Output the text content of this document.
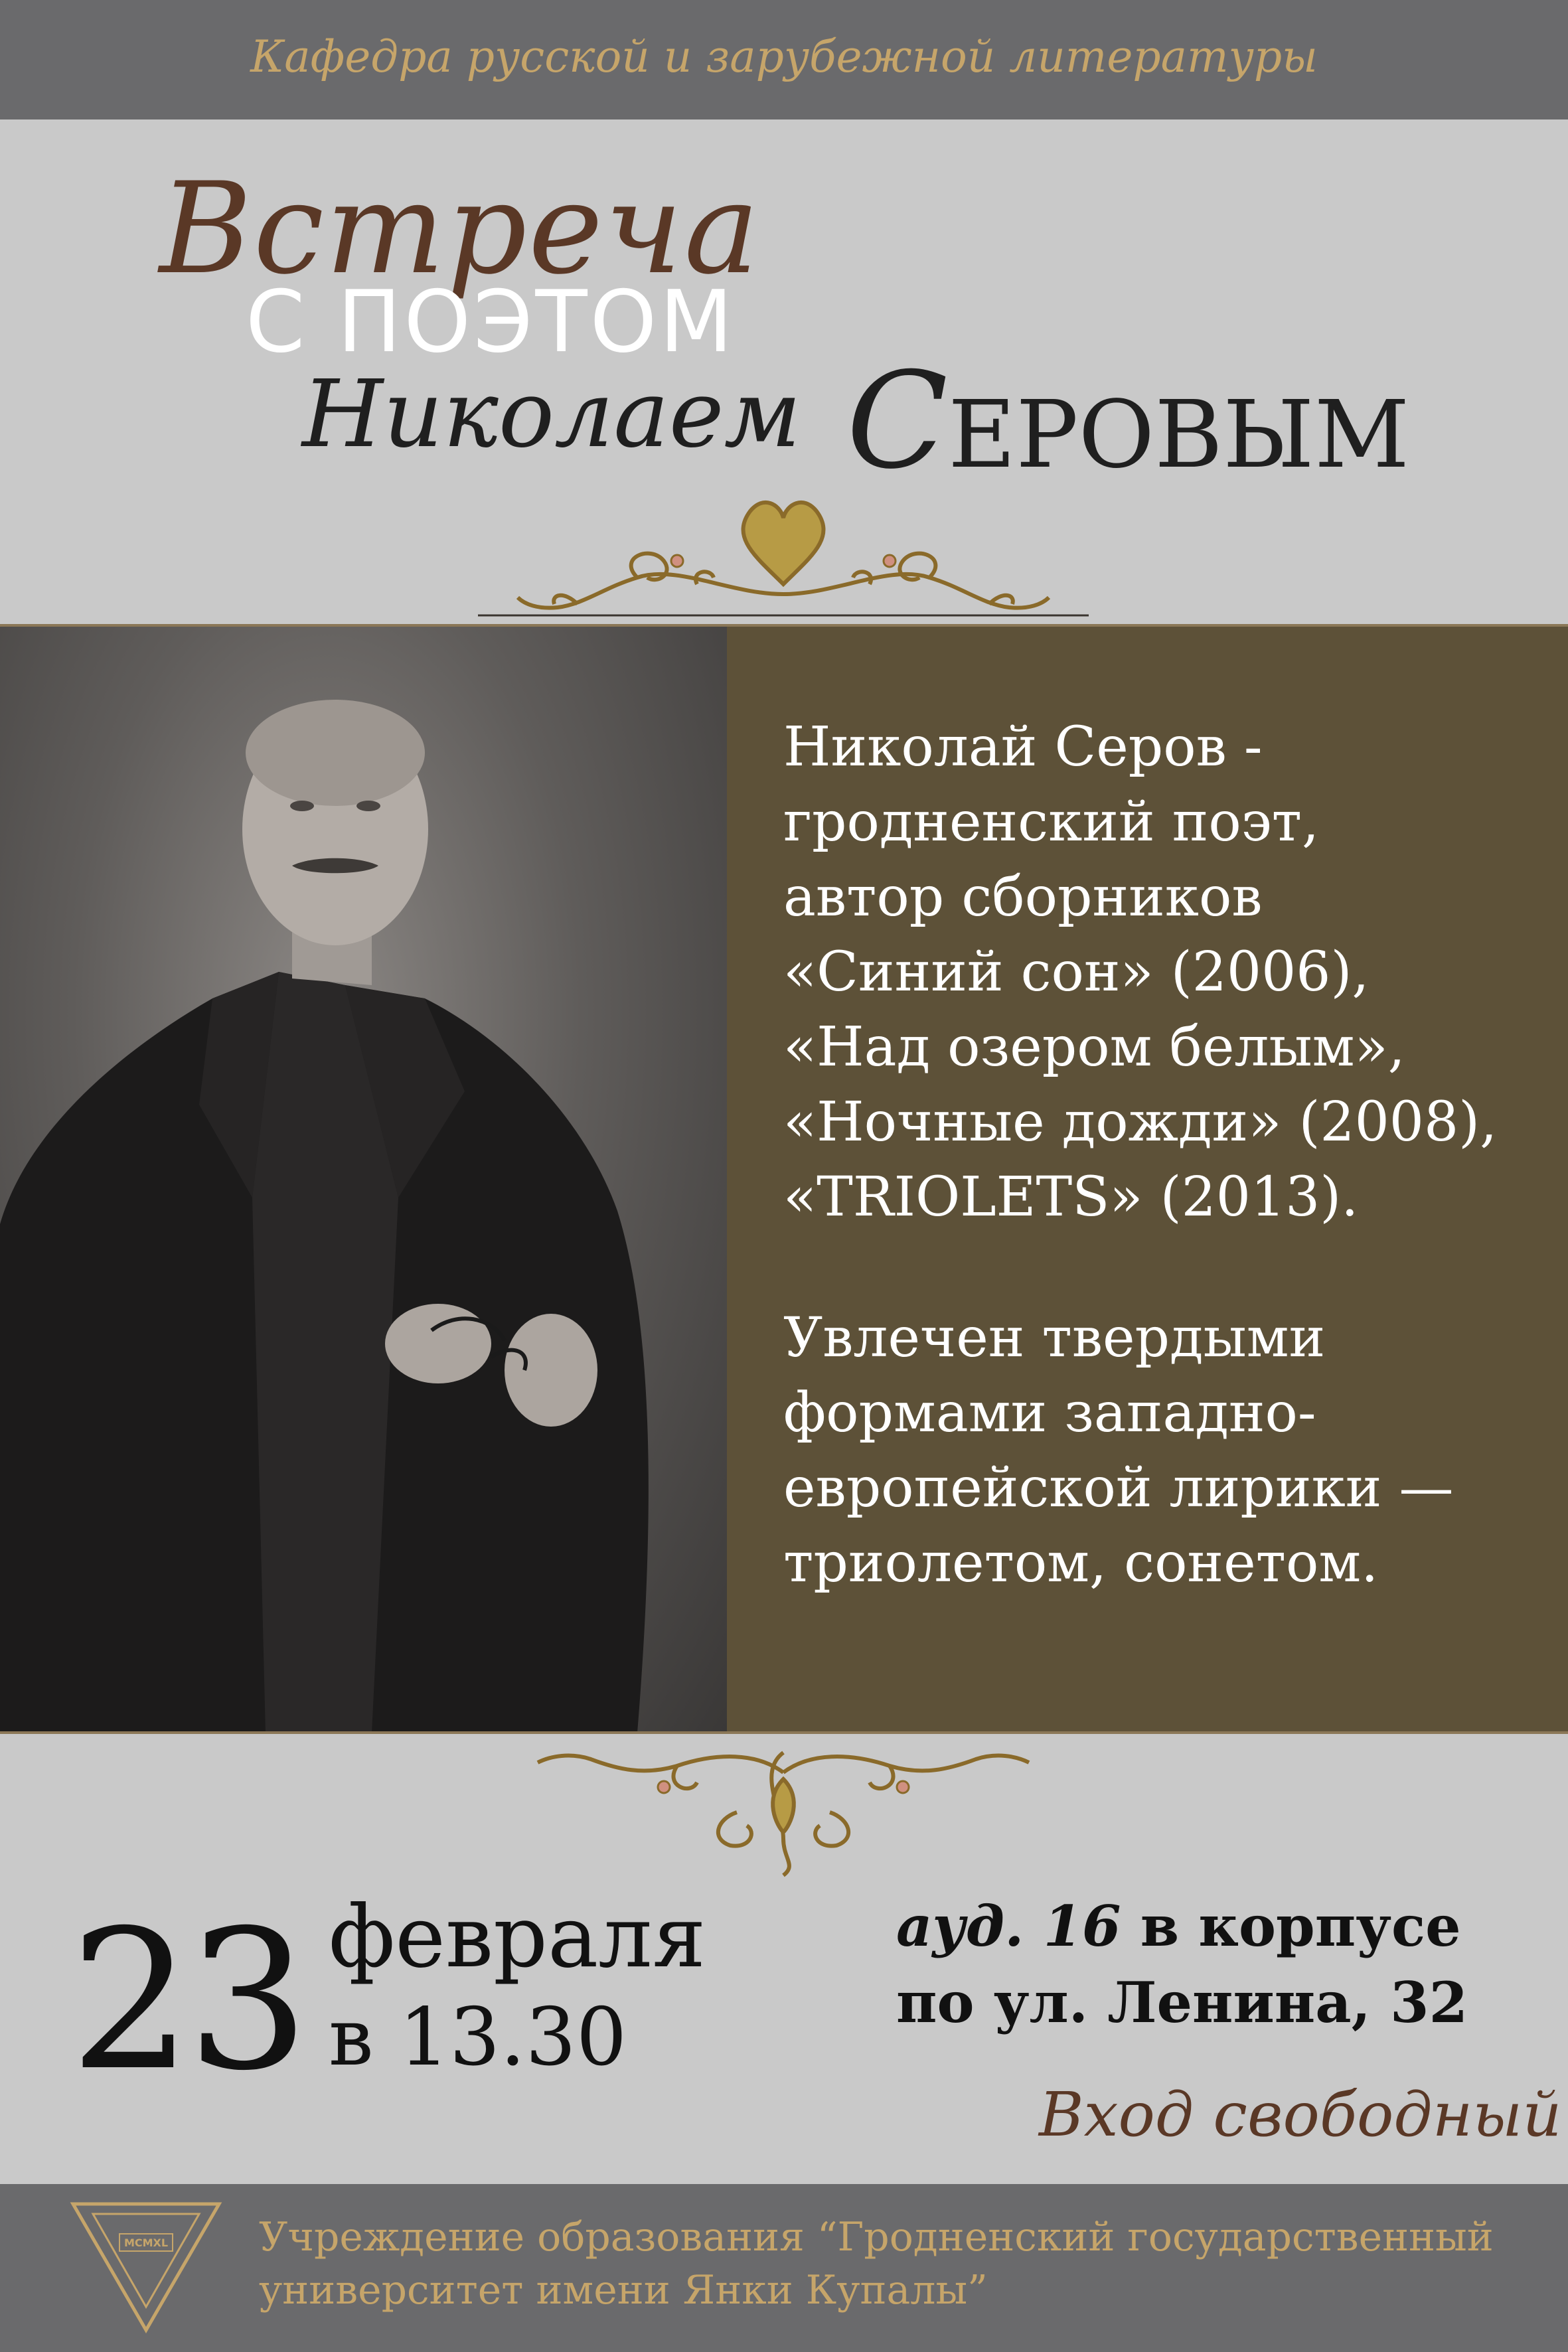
Кафедра русской и зарубежной литературы
Встреча
С ПОЭТОМ
Николаем СЕРОВЫМ
Николай Серов -
гродненский поэт,
автор сборников
«Синий сон» (2006),
«Над озером белым»,
«Ночные дожди» (2008),
«TRIOLETS» (2013).
Увлечен твердыми
формами западно-
европейской лирики —
триолетом, сонетом.
23 февраля
в 13.30
ауд. 16 в корпусе
по ул. Ленина, 32
Вход свободный
MCMXL Учреждение образования “Гродненский государственный
университет имени Янки Купалы”
